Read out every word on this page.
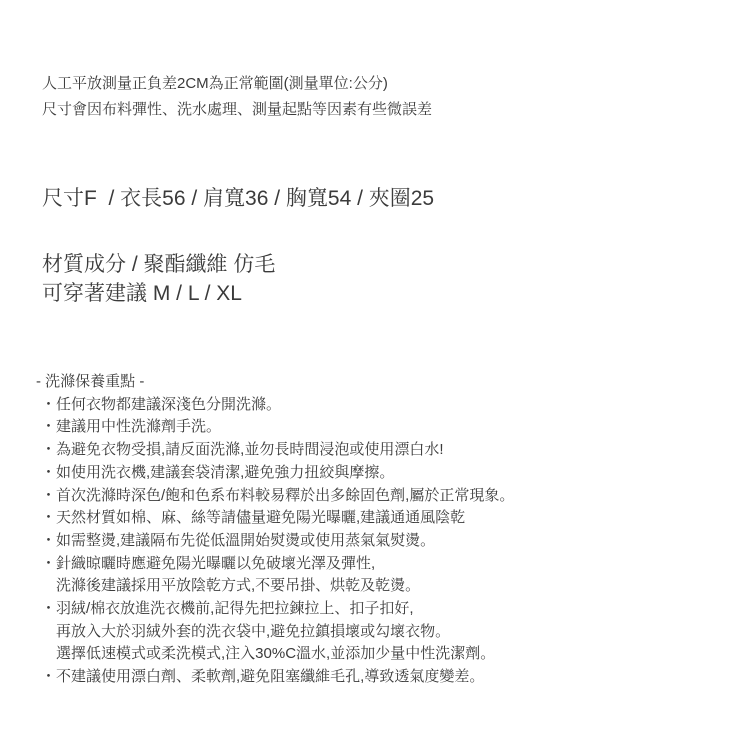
人工平放測量正負差2CM為正常範圍(測量單位:公分)
尺寸會因布料彈性、洗水處理、測量起點等因素有些微誤差
尺寸F  / 衣長56 / 肩寬36 / 胸寬54 / 夾圈25
材質成分 / 聚酯纖維 仿毛
可穿著建議 M / L / XL
- 洗滌保養重點 -
・ 任何衣物都建議深淺色分開洗滌。
・ 建議用中性洗滌劑手洗。
・ 為避免衣物受損,請反面洗滌,並勿長時間浸泡或使用漂白水!
・ 如使用洗衣機,建議套袋清潔,避免強力扭絞與摩擦。
・ 首次洗滌時深色/飽和色系布料較易釋於出多餘固色劑,屬於正常現象。
・ 天然材質如棉、麻、絲等請儘量避免陽光曝曬,建議通通風陰乾
・ 如需整燙,建議隔布先從低溫開始熨燙或使用蒸氣氣熨燙。
・ 針織晾曬時應避免陽光曝曬以免破壞光澤及彈性,
洗滌後建議採用平放陰乾方式,不要吊掛、烘乾及乾燙。
・ 羽絨/棉衣放進洗衣機前,記得先把拉鍊拉上、扣子扣好,
再放入大於羽絨外套的洗衣袋中,避免拉鎮損壞或勾壞衣物。
選擇低速模式或柔洗模式,注入30%C溫水,並添加少量中性洗潔劑。
・ 不建議使用漂白劑、柔軟劑,避免阻塞纖維毛孔,導致透氣度變差。
